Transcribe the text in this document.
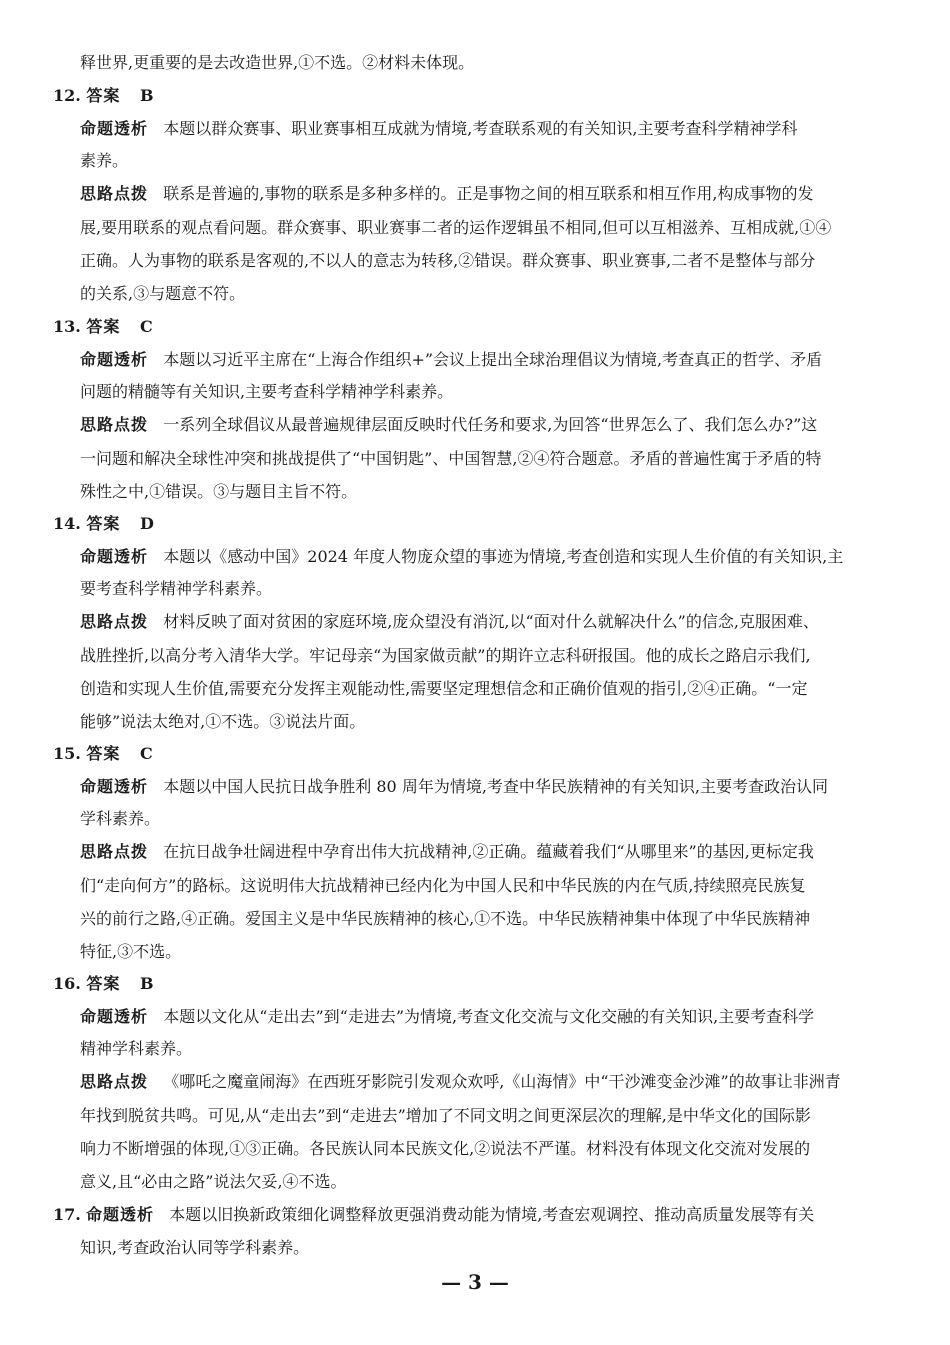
释世界,更重要的是去改造世界,①不选。②材料未体现。
12. 答案 B
命题透析 本题以群众赛事、职业赛事相互成就为情境,考查联系观的有关知识,主要考查科学精神学科
素养。
思路点拨 联系是普遍的,事物的联系是多种多样的。正是事物之间的相互联系和相互作用,构成事物的发
展,要用联系的观点看问题。群众赛事、职业赛事二者的运作逻辑虽不相同,但可以互相滋养、互相成就,①④
正确。人为事物的联系是客观的,不以人的意志为转移,②错误。群众赛事、职业赛事,二者不是整体与部分
的关系,③与题意不符。
13. 答案 C
命题透析 本题以习近平主席在“上海合作组织+”会议上提出全球治理倡议为情境,考查真正的哲学、矛盾
问题的精髓等有关知识,主要考查科学精神学科素养。
思路点拨 一系列全球倡议从最普遍规律层面反映时代任务和要求,为回答“世界怎么了、我们怎么办?”这
一问题和解决全球性冲突和挑战提供了“中国钥匙”、中国智慧,②④符合题意。矛盾的普遍性寓于矛盾的特
殊性之中,①错误。③与题目主旨不符。
14. 答案 D
命题透析 本题以《感动中国》2024 年度人物庞众望的事迹为情境,考查创造和实现人生价值的有关知识,主
要考查科学精神学科素养。
思路点拨 材料反映了面对贫困的家庭环境,庞众望没有消沉,以“面对什么就解决什么”的信念,克服困难、
战胜挫折,以高分考入清华大学。牢记母亲“为国家做贡献”的期许立志科研报国。他的成长之路启示我们,
创造和实现人生价值,需要充分发挥主观能动性,需要坚定理想信念和正确价值观的指引,②④正确。“一定
能够”说法太绝对,①不选。③说法片面。
15. 答案 C
命题透析 本题以中国人民抗日战争胜利 80 周年为情境,考查中华民族精神的有关知识,主要考查政治认同
学科素养。
思路点拨 在抗日战争壮阔进程中孕育出伟大抗战精神,②正确。蕴藏着我们“从哪里来”的基因,更标定我
们“走向何方”的路标。这说明伟大抗战精神已经内化为中国人民和中华民族的内在气质,持续照亮民族复
兴的前行之路,④正确。爱国主义是中华民族精神的核心,①不选。中华民族精神集中体现了中华民族精神
特征,③不选。
16. 答案 B
命题透析 本题以文化从“走出去”到“走进去”为情境,考查文化交流与文化交融的有关知识,主要考查科学
精神学科素养。
思路点拨 《哪吒之魔童闹海》在西班牙影院引发观众欢呼,《山海情》中“干沙滩变金沙滩”的故事让非洲青
年找到脱贫共鸣。可见,从“走出去”到“走进去”增加了不同文明之间更深层次的理解,是中华文化的国际影
响力不断增强的体现,①③正确。各民族认同本民族文化,②说法不严谨。材料没有体现文化交流对发展的
意义,且“必由之路”说法欠妥,④不选。
17. 命题透析 本题以旧换新政策细化调整释放更强消费动能为情境,考查宏观调控、推动高质量发展等有关
知识,考查政治认同等学科素养。
— 3 —
